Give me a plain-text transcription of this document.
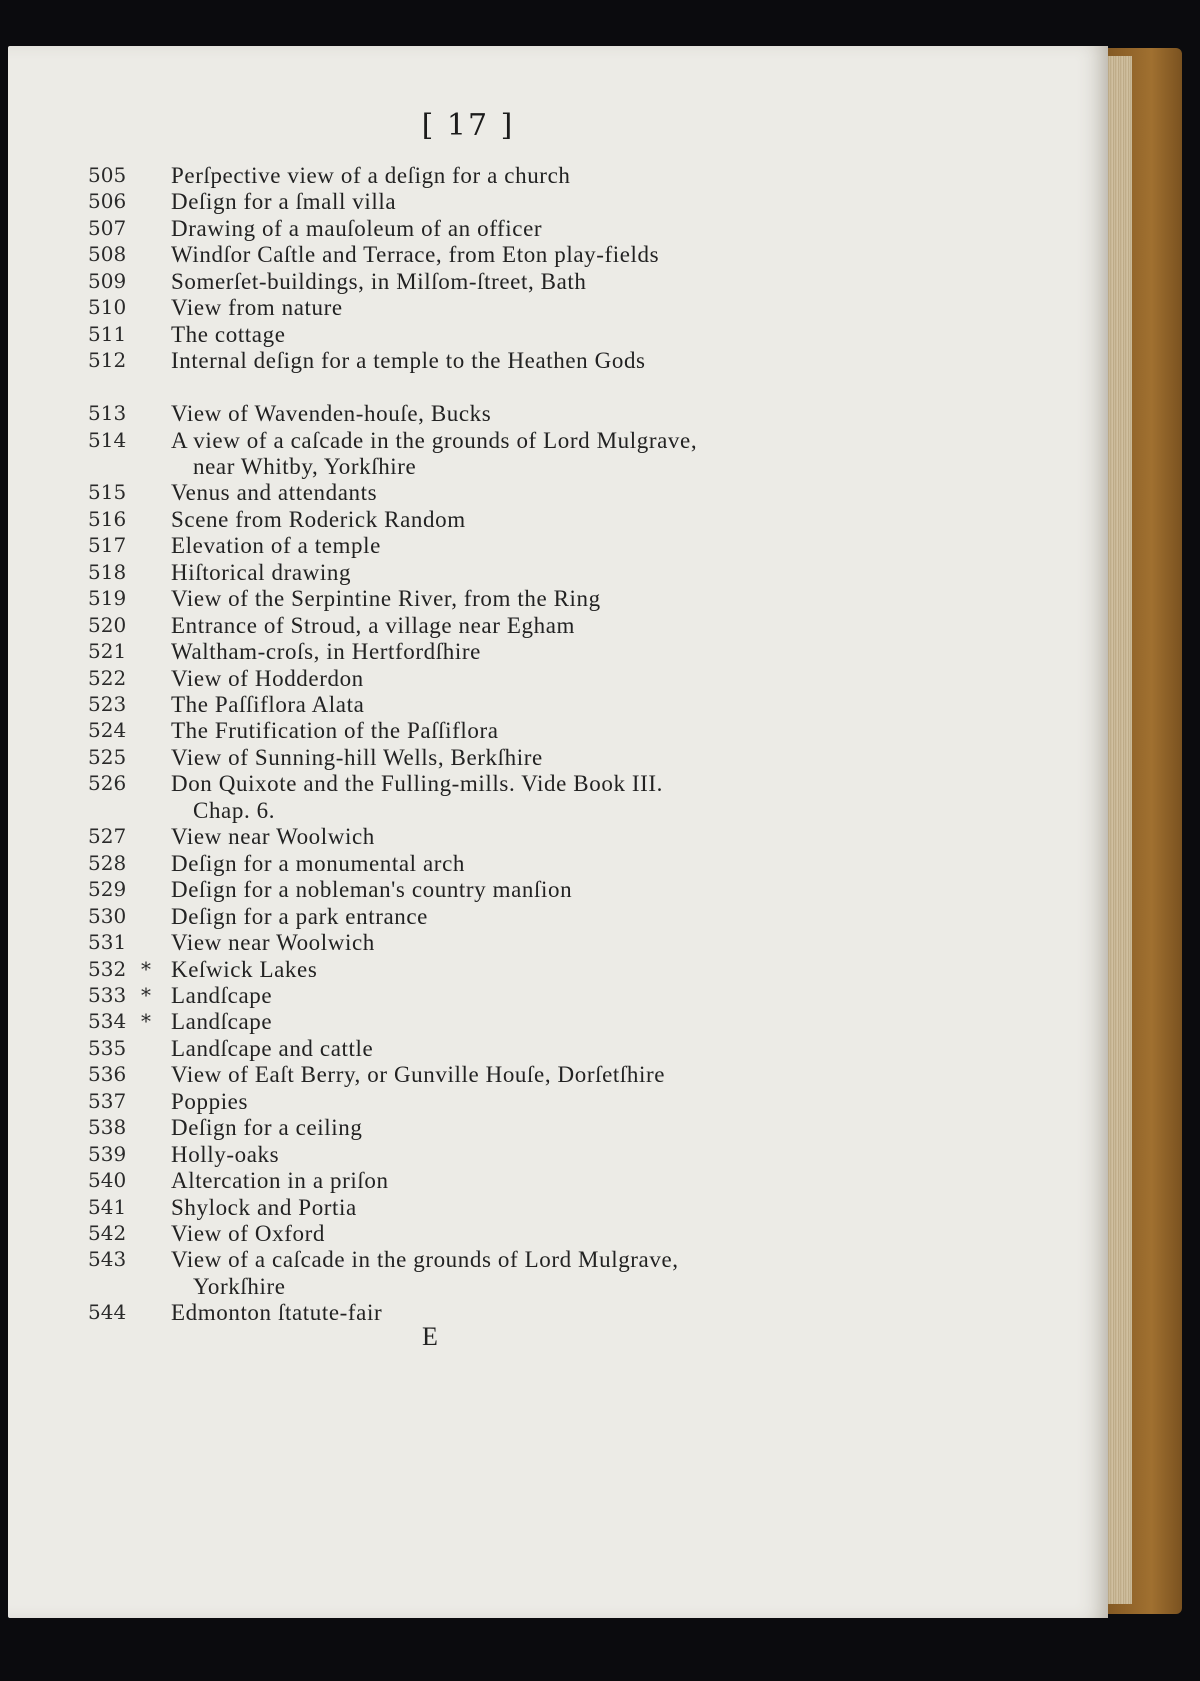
[ 17 ]
505	Perſpective view of a deſign for a church
506	Deſign for a ſmall villa
507	Drawing of a mauſoleum of an officer
508	Windſor Caſtle and Terrace, from Eton play-fields
509	Somerſet-buildings, in Milſom-ſtreet, Bath
510	View from nature
511	The cottage
512	Internal deſign for a temple to the Heathen Gods
513	View of Wavenden-houſe, Bucks
514	A view of a caſcade in the grounds of Lord Mulgrave,
near Whitby, Yorkſhire
515	Venus and attendants
516	Scene from Roderick Random
517	Elevation of a temple
518	Hiſtorical drawing
519	View of the Serpintine River, from the Ring
520	Entrance of Stroud, a village near Egham
521	Waltham-croſs, in Hertfordſhire
522	View of Hodderdon
523	The Paſſiflora Alata
524	The Frutification of the Paſſiflora
525	View of Sunning-hill Wells, Berkſhire
526	Don Quixote and the Fulling-mills. Vide Book III.
Chap. 6.
527	View near Woolwich
528	Deſign for a monumental arch
529	Deſign for a nobleman's country manſion
530	Deſign for a park entrance
531	View near Woolwich
532 * Keſwick Lakes
533 * Landſcape
534 * Landſcape
535	Landſcape and cattle
536	View of Eaſt Berry, or Gunville Houſe, Dorſetſhire
537	Poppies
538	Deſign for a ceiling
539	Holly-oaks
540	Altercation in a priſon
541	Shylock and Portia
542	View of Oxford
543	View of a caſcade in the grounds of Lord Mulgrave,
Yorkſhire
544	Edmonton ſtatute-fair
E
